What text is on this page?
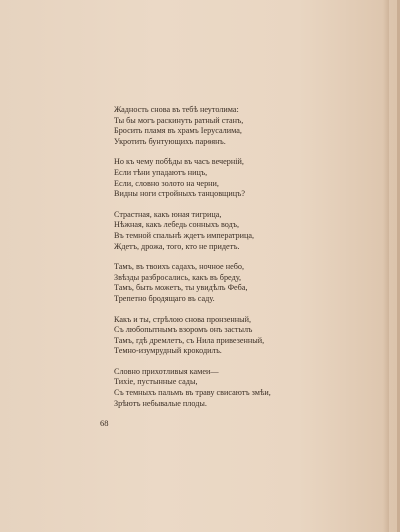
Жадность снова въ тебѣ неутолима:
Ты бы могъ раскинуть ратный станъ,
Бросить пламя въ храмъ Іерусалима,
Укротить бунтующихъ парѳянъ.
Но къ чему побѣды въ часъ вечерній,
Если тѣни упадаютъ ницъ,
Если, словно золото на черни,
Видны ноги стройныхъ танцовщицъ?
Страстная, какъ юная тигрица,
Нѣжная, какъ лебедь сонныхъ водъ,
Въ темной спальнѣ ждетъ императрица,
Ждетъ, дрожа, того, кто не придетъ.
Тамъ, въ твоихъ садахъ, ночное небо,
Звѣзды разбросались, какъ въ бреду,
Тамъ, быть можетъ, ты увидѣлъ Феба,
Трепетно бродящаго въ саду.
Какъ и ты, стрѣлою снова пронзенный,
Съ любопытнымъ взоромъ онъ застылъ
Тамъ, гдѣ дремлетъ, съ Нила привезенный,
Темно-изумрудный крокодилъ.
Словно прихотливыя камеи—
Тихіе, пустынные сады,
Съ темныхъ пальмъ въ траву свисаютъ змѣи,
Зрѣютъ небывалые плоды.
68
